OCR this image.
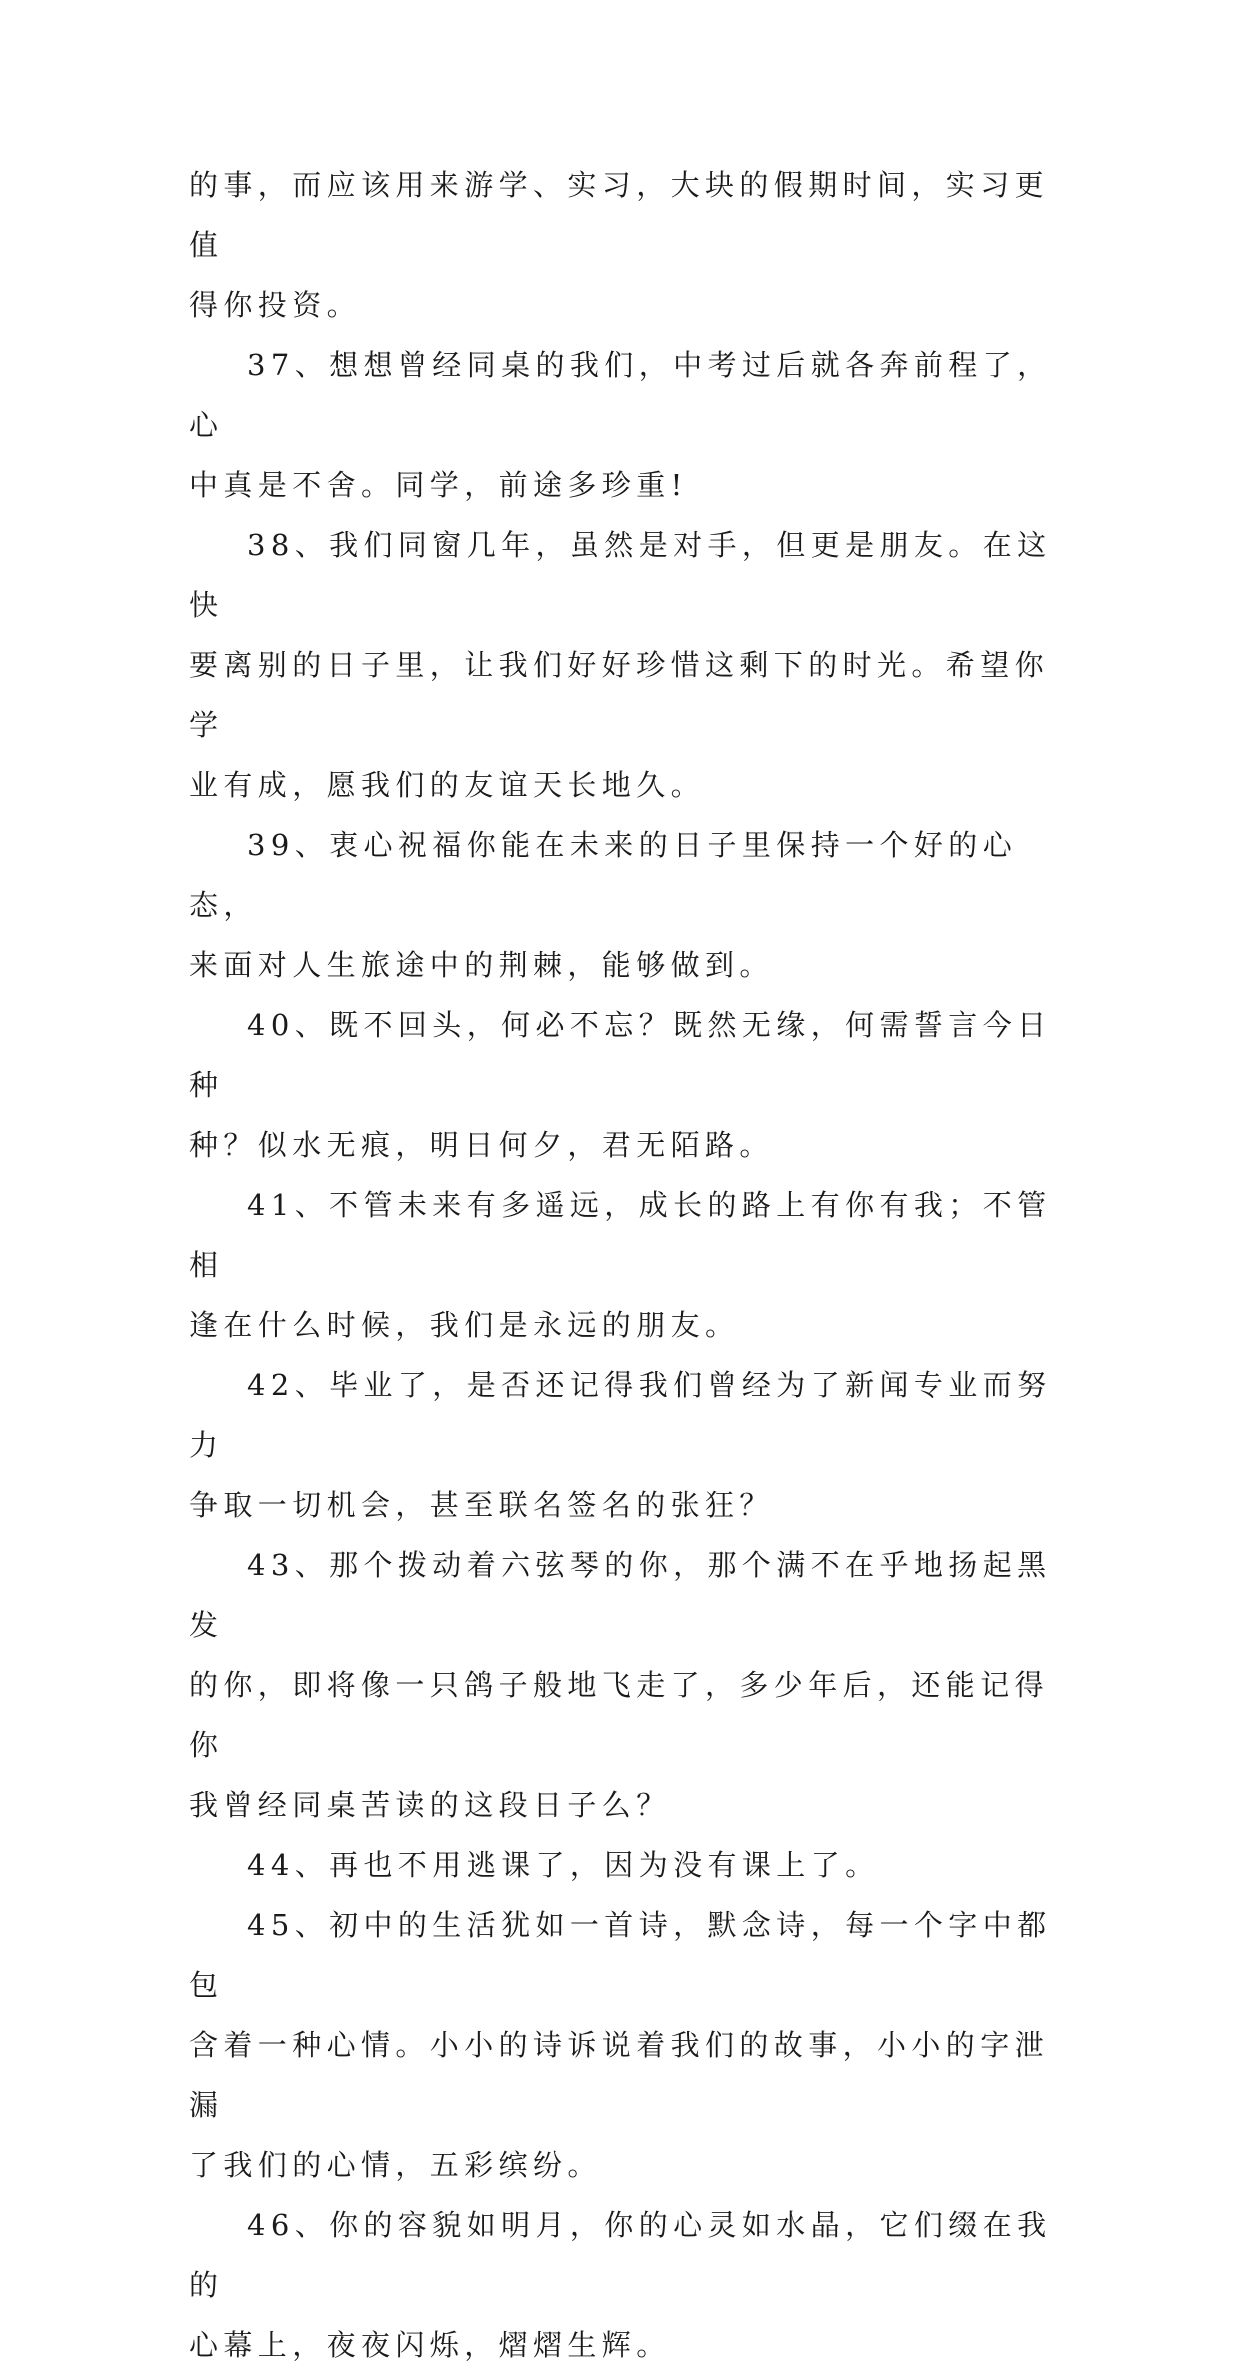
的事，而应该用来游学、实习，大块的假期时间，实习更值
得你投资。

37、想想曾经同桌的我们，中考过后就各奔前程了，心
中真是不舍。同学，前途多珍重!

38、我们同窗几年，虽然是对手，但更是朋友。在这快
要离别的日子里，让我们好好珍惜这剩下的时光。希望你学
业有成，愿我们的友谊天长地久。

39、衷心祝福你能在未来的日子里保持一个好的心态，
来面对人生旅途中的荆棘，能够做到。

40、既不回头，何必不忘？既然无缘，何需誓言今日种
种？似水无痕，明日何夕，君无陌路。

41、不管未来有多遥远，成长的路上有你有我；不管相
逢在什么时候，我们是永远的朋友。

42、毕业了，是否还记得我们曾经为了新闻专业而努力
争取一切机会，甚至联名签名的张狂？

43、那个拨动着六弦琴的你，那个满不在乎地扬起黑发
的你，即将像一只鸽子般地飞走了，多少年后，还能记得你
我曾经同桌苦读的这段日子么？

44、再也不用逃课了，因为没有课上了。

45、初中的生活犹如一首诗，默念诗，每一个字中都包
含着一种心情。小小的诗诉说着我们的故事，小小的字泄漏
了我们的心情，五彩缤纷。

46、你的容貌如明月，你的心灵如水晶，它们缀在我的
心幕上，夜夜闪烁，熠熠生辉。
